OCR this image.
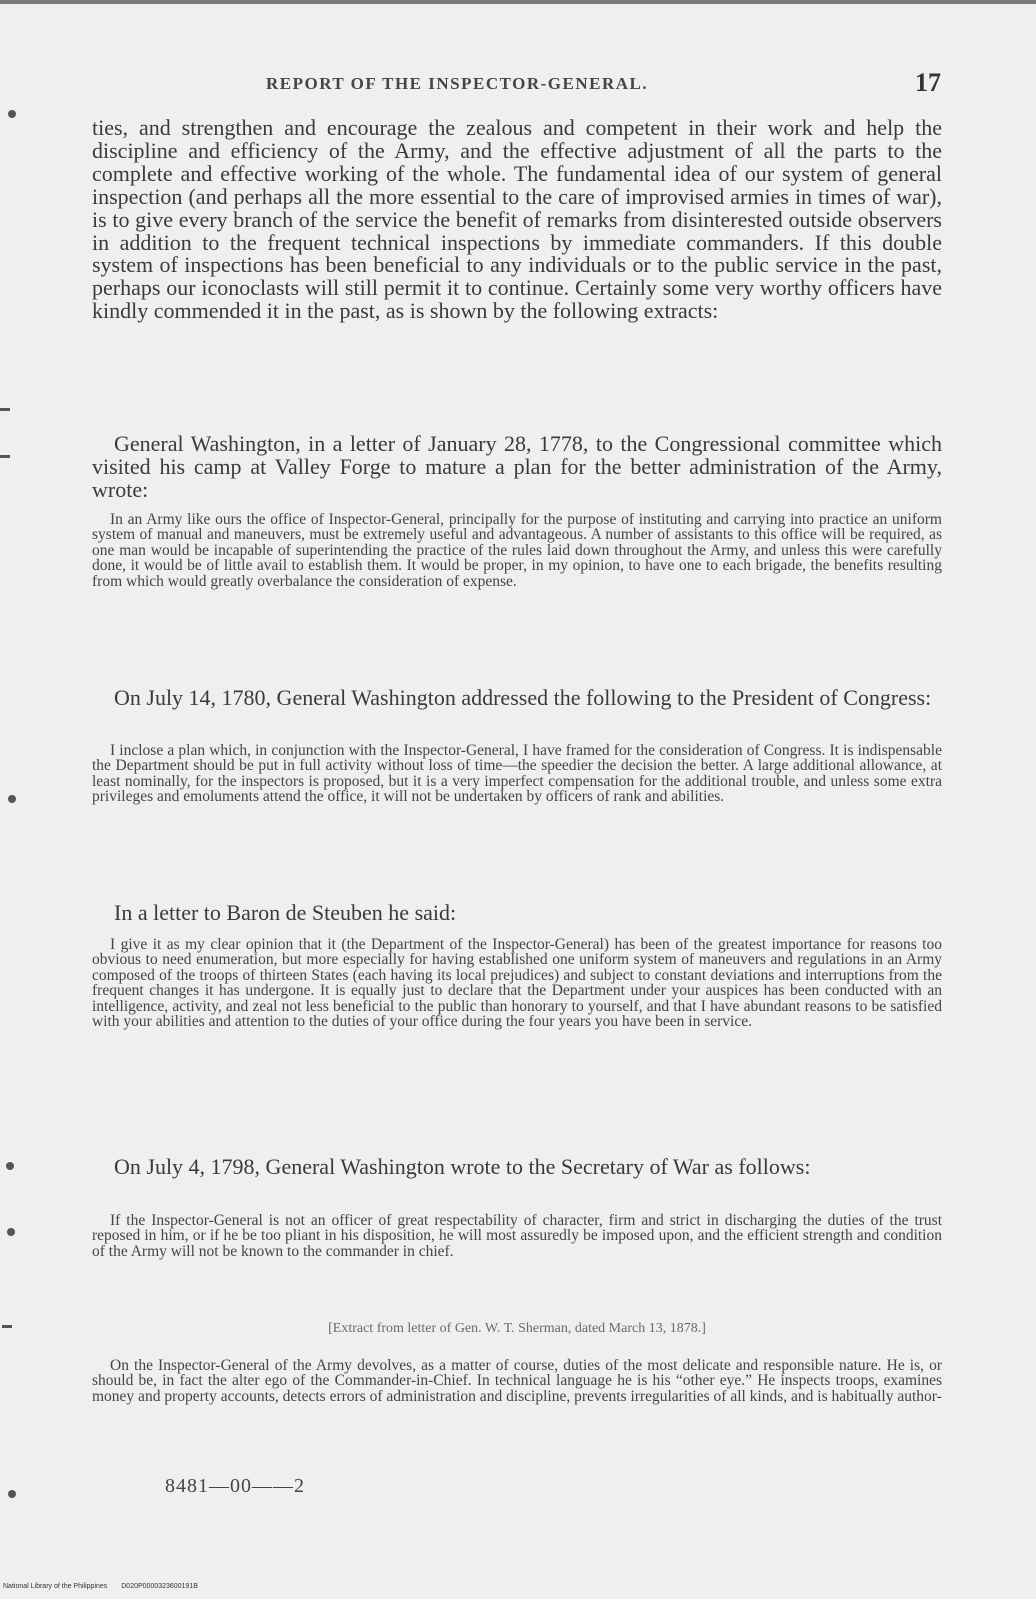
REPORT OF THE INSPECTOR-GENERAL.	17

ties, and strengthen and encourage the zealous and competent in their work and help the discipline and efficiency of the Army, and the effective adjustment of all the parts to the complete and effective working of the whole. The fundamental idea of our system of general inspection (and perhaps all the more essential to the care of improvised armies in times of war), is to give every branch of the service the benefit of remarks from disinterested outside observers in addition to the frequent technical inspections by immediate commanders. If this double system of inspections has been beneficial to any individuals or to the public service in the past, perhaps our iconoclasts will still permit it to continue. Certainly some very worthy officers have kindly commended it in the past, as is shown by the following extracts:

General Washington, in a letter of January 28, 1778, to the Congressional committee which visited his camp at Valley Forge to mature a plan for the better administration of the Army, wrote:

In an Army like ours the office of Inspector-General, principally for the purpose of instituting and carrying into practice an uniform system of manual and maneuvers, must be extremely useful and advantageous. A number of assistants to this office will be required, as one man would be incapable of superintending the practice of the rules laid down throughout the Army, and unless this were carefully done, it would be of little avail to establish them. It would be proper, in my opinion, to have one to each brigade, the benefits resulting from which would greatly overbalance the consideration of expense.

On July 14, 1780, General Washington addressed the following to the President of Congress:

I inclose a plan which, in conjunction with the Inspector-General, I have framed for the consideration of Congress. It is indispensable the Department should be put in full activity without loss of time—the speedier the decision the better. A large additional allowance, at least nominally, for the inspectors is proposed, but it is a very imperfect compensation for the additional trouble, and unless some extra privileges and emoluments attend the office, it will not be undertaken by officers of rank and abilities.

In a letter to Baron de Steuben he said:

I give it as my clear opinion that it (the Department of the Inspector-General) has been of the greatest importance for reasons too obvious to need enumeration, but more especially for having established one uniform system of maneuvers and regulations in an Army composed of the troops of thirteen States (each having its local prejudices) and subject to constant deviations and interruptions from the frequent changes it has undergone. It is equally just to declare that the Department under your auspices has been conducted with an intelligence, activity, and zeal not less beneficial to the public than honorary to yourself, and that I have abundant reasons to be satisfied with your abilities and attention to the duties of your office during the four years you have been in service.

On July 4, 1798, General Washington wrote to the Secretary of War as follows:

If the Inspector-General is not an officer of great respectability of character, firm and strict in discharging the duties of the trust reposed in him, or if he be too pliant in his disposition, he will most assuredly be imposed upon, and the efficient strength and condition of the Army will not be known to the commander in chief.

[Extract from letter of Gen. W. T. Sherman, dated March 13, 1878.]

On the Inspector-General of the Army devolves, as a matter of course, duties of the most delicate and responsible nature. He is, or should be, in fact the alter ego of the Commander-in-Chief. In technical language he is his “other eye.” He inspects troops, examines money and property accounts, detects errors of administration and discipline, prevents irregularities of all kinds, and is habitually author-

8481—00——2
National Library of the Philippines D020P0000323600191B
